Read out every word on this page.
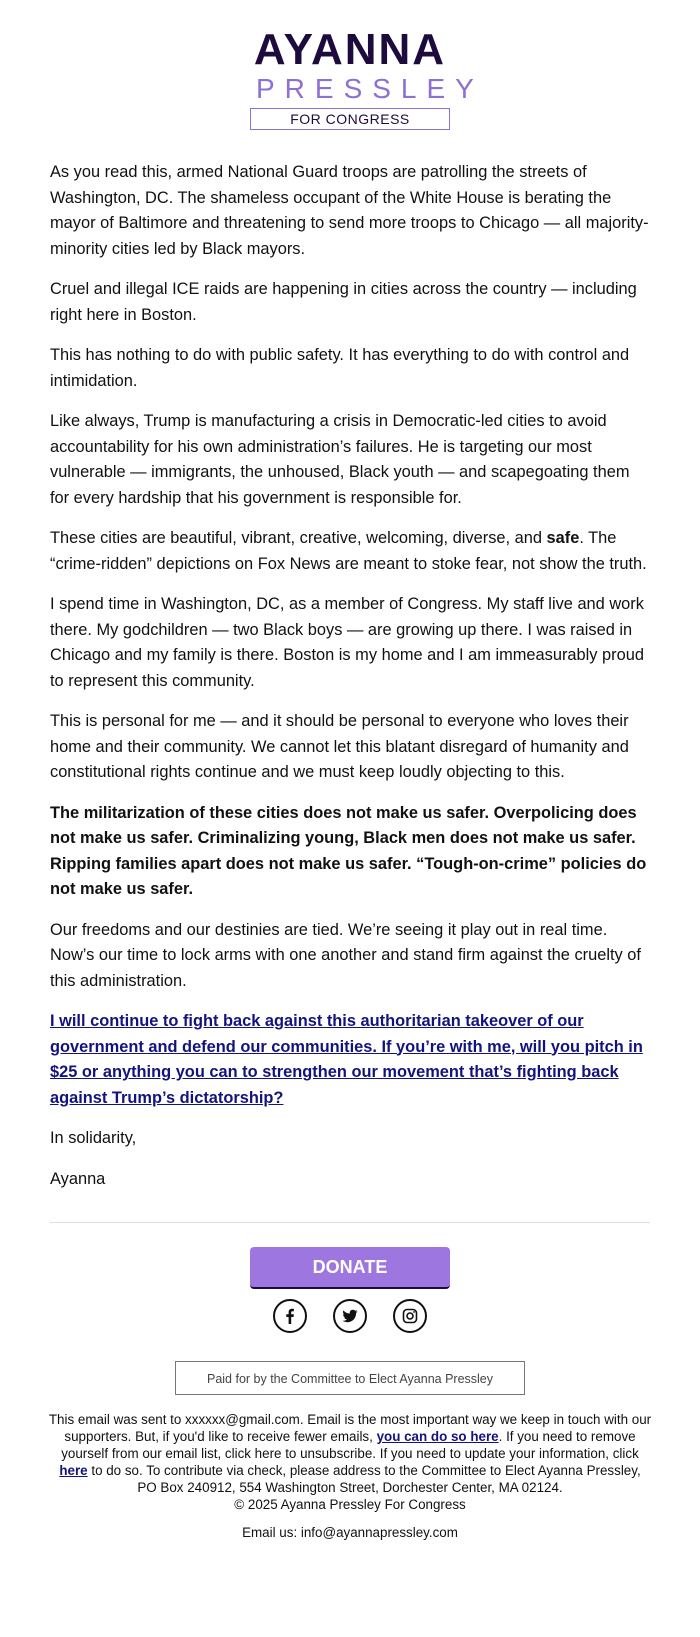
AYANNA
PRESSLEY
FOR CONGRESS

As you read this, armed National Guard troops are patrolling the streets of Washington, DC. The shameless occupant of the White House is berating the mayor of Baltimore and threatening to send more troops to Chicago — all majority-minority cities led by Black mayors.

Cruel and illegal ICE raids are happening in cities across the country — including right here in Boston.

This has nothing to do with public safety. It has everything to do with control and intimidation.

Like always, Trump is manufacturing a crisis in Democratic-led cities to avoid accountability for his own administration’s failures. He is targeting our most vulnerable — immigrants, the unhoused, Black youth — and scapegoating them for every hardship that his government is responsible for.

These cities are beautiful, vibrant, creative, welcoming, diverse, and safe. The “crime-ridden” depictions on Fox News are meant to stoke fear, not show the truth.

I spend time in Washington, DC, as a member of Congress. My staff live and work there. My godchildren — two Black boys — are growing up there. I was raised in Chicago and my family is there. Boston is my home and I am immeasurably proud to represent this community.

This is personal for me — and it should be personal to everyone who loves their home and their community. We cannot let this blatant disregard of humanity and constitutional rights continue and we must keep loudly objecting to this.

The militarization of these cities does not make us safer. Overpolicing does not make us safer. Criminalizing young, Black men does not make us safer. Ripping families apart does not make us safer. “Tough-on-crime” policies do not make us safer.

Our freedoms and our destinies are tied. We’re seeing it play out in real time. Now’s our time to lock arms with one another and stand firm against the cruelty of this administration.

I will continue to fight back against this authoritarian takeover of our government and defend our communities. If you’re with me, will you pitch in $25 or anything you can to strengthen our movement that’s fighting back against Trump’s dictatorship?

In solidarity,

Ayanna

DONATE

Paid for by the Committee to Elect Ayanna Pressley
This email was sent to xxxxxx@gmail.com. Email is the most important way we keep in touch with our supporters. But, if you'd like to receive fewer emails, you can do so here. If you need to remove yourself from our email list, click here to unsubscribe. If you need to update your information, click here to do so. To contribute via check, please address to the Committee to Elect Ayanna Pressley, PO Box 240912, 554 Washington Street, Dorchester Center, MA 02124.
© 2025 Ayanna Pressley For Congress
Email us: info@ayannapressley.com
